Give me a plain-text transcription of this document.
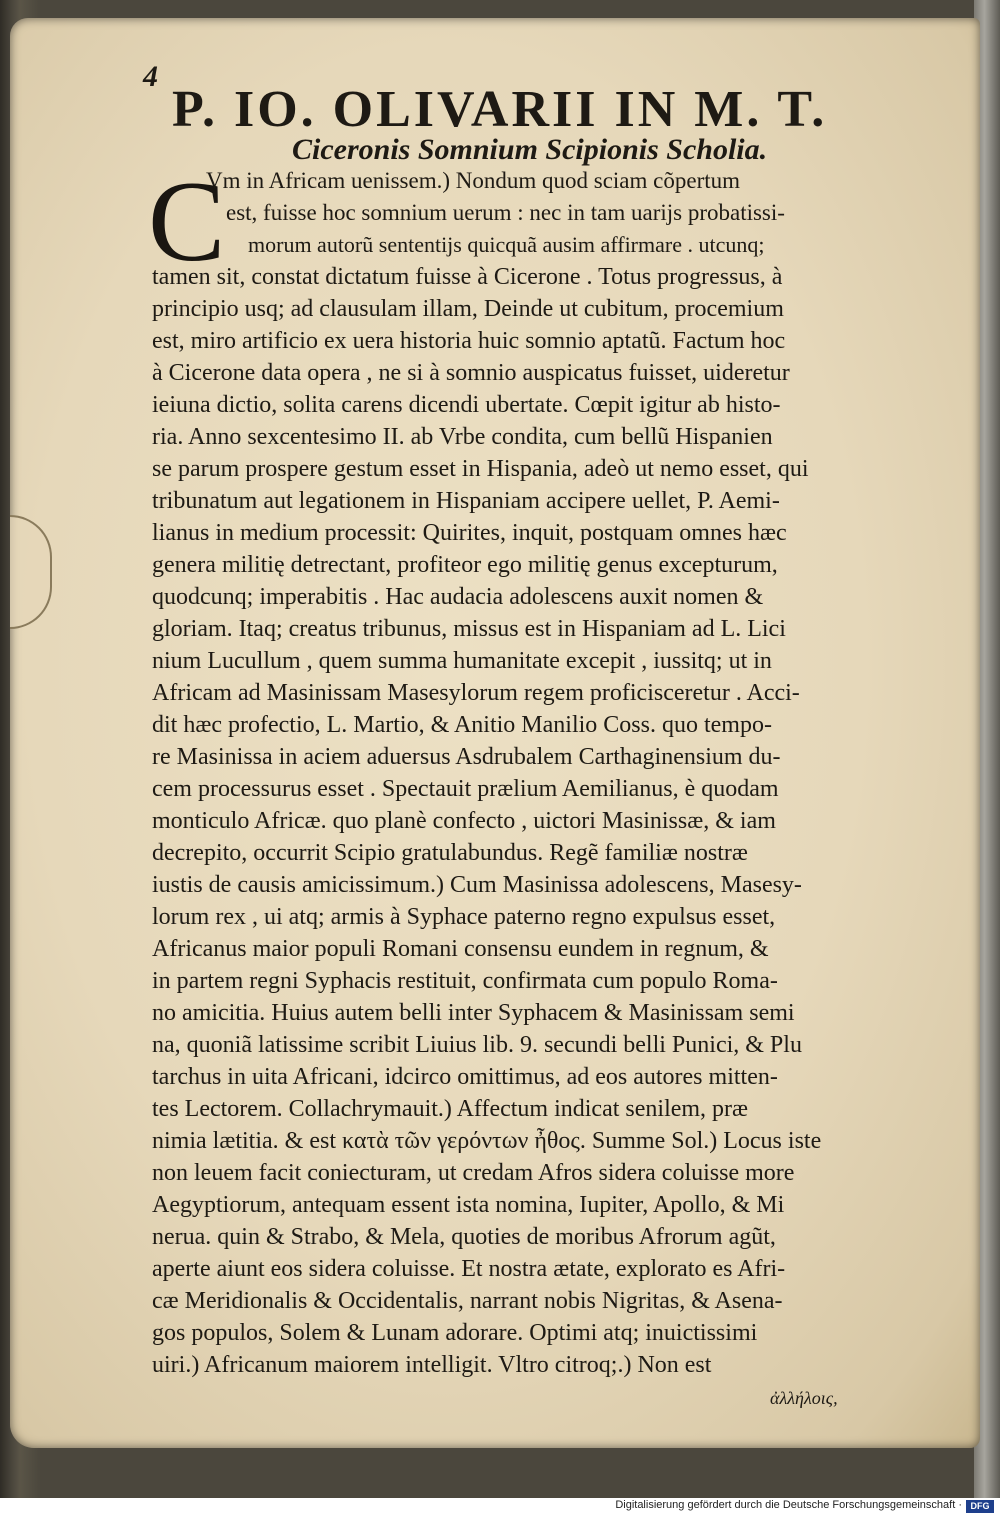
4
P. IO. OLIVARII IN M. T.
Ciceronis Somnium Scipionis Scholia.
C
Vm in Africam uenissem.) Nondum quod sciam cõpertum
est, fuisse hoc somnium uerum : nec in tam uarijs probatissi-
morum autorũ sententijs quicquã ausim affirmare . utcunq;
tamen sit, constat dictatum fuisse à Cicerone . Totus progressus, à
principio usq; ad clausulam illam, Deinde ut cubitum, procemium
est, miro artificio ex uera historia huic somnio aptatũ. Factum hoc
à Cicerone data opera , ne si à somnio auspicatus fuisset, uideretur
ieiuna dictio, solita carens dicendi ubertate. Cœpit igitur ab histo-
ria. Anno sexcentesimo II. ab Vrbe condita, cum bellũ Hispanien
se parum prospere gestum esset in Hispania, adeò ut nemo esset, qui
tribunatum aut legationem in Hispaniam accipere uellet, P. Aemi-
lianus in medium processit: Quirites, inquit, postquam omnes hæc
genera militię detrectant, profiteor ego militię genus excepturum,
quodcunq; imperabitis . Hac audacia adolescens auxit nomen &
gloriam. Itaq; creatus tribunus, missus est in Hispaniam ad L. Lici
nium Lucullum , quem summa humanitate excepit , iussitq; ut in
Africam ad Masinissam Masesylorum regem proficisceretur . Acci-
dit hæc profectio, L. Martio, & Anitio Manilio Coss. quo tempo-
re Masinissa in aciem aduersus Asdrubalem Carthaginensium du-
cem processurus esset . Spectauit prælium Aemilianus, è quodam
monticulo Africæ. quo planè confecto , uictori Masinissæ, & iam
decrepito, occurrit Scipio gratulabundus. Regẽ familiæ nostræ
iustis de causis amicissimum.) Cum Masinissa adolescens, Masesy-
lorum rex , ui atq; armis à Syphace paterno regno expulsus esset,
Africanus maior populi Romani consensu eundem in regnum, &
in partem regni Syphacis restituit, confirmata cum populo Roma-
no amicitia. Huius autem belli inter Syphacem & Masinissam semi
na, quoniã latissime scribit Liuius lib. 9. secundi belli Punici, & Plu
tarchus in uita Africani, idcirco omittimus, ad eos autores mitten-
tes Lectorem. Collachrymauit.) Affectum indicat senilem, præ
nimia lætitia. & est κατὰ τῶν γερόντων ἦθος. Summe Sol.) Locus iste
non leuem facit coniecturam, ut credam Afros sidera coluisse more
Aegyptiorum, antequam essent ista nomina, Iupiter, Apollo, & Mi
nerua. quin & Strabo, & Mela, quoties de moribus Afrorum agũt,
aperte aiunt eos sidera coluisse. Et nostra ætate, explorato es Afri-
cæ Meridionalis & Occidentalis, narrant nobis Nigritas, & Asena-
gos populos, Solem & Lunam adorare. Optimi atq; inuictissimi
uiri.) Africanum maiorem intelligit. Vltro citroq;.) Non est
ἀλλήλοις,
Digitalisierung gefördert durch die Deutsche Forschungsgemeinschaft · DFG
